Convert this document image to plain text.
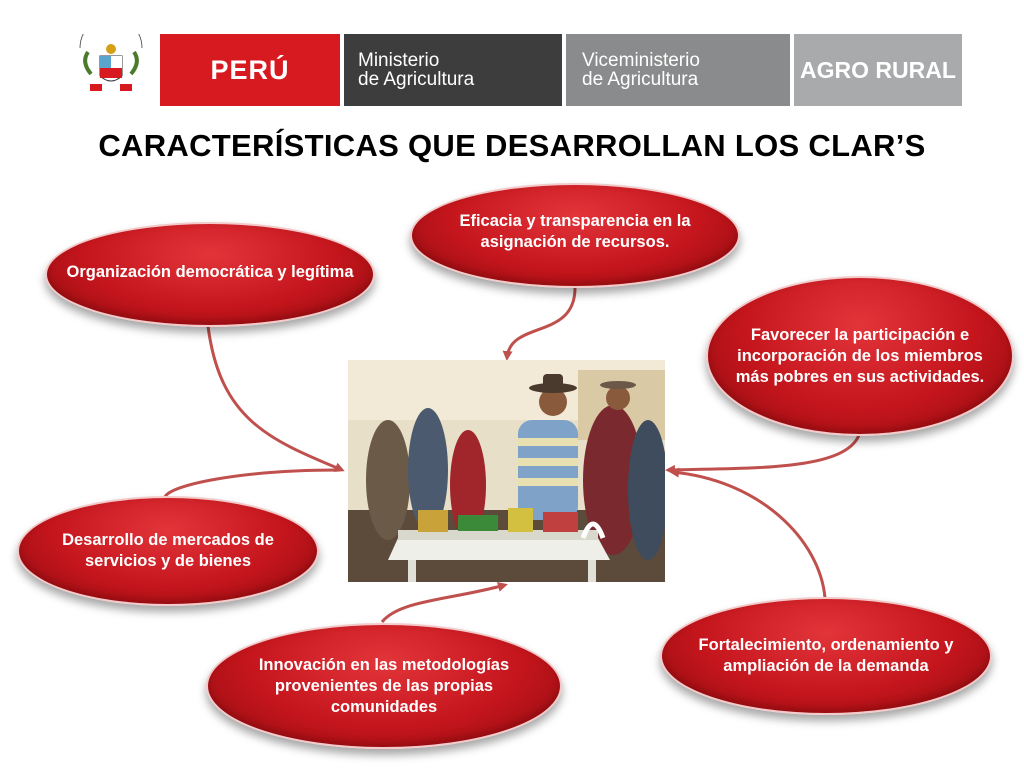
PERÚ	Ministerio
de Agricultura
Viceministerio
de Agricultura	AGRO RURAL
CARACTERÍSTICAS QUE DESARROLLAN LOS CLAR’S
Eficacia y transparencia en la asignación de recursos.
Organización democrática y legítima
Favorecer la participación e incorporación de los miembros más pobres en sus actividades.
Desarrollo de mercados de servicios y de bienes
Fortalecimiento, ordenamiento y ampliación de la demanda
Innovación en las metodologías provenientes de las propias comunidades
